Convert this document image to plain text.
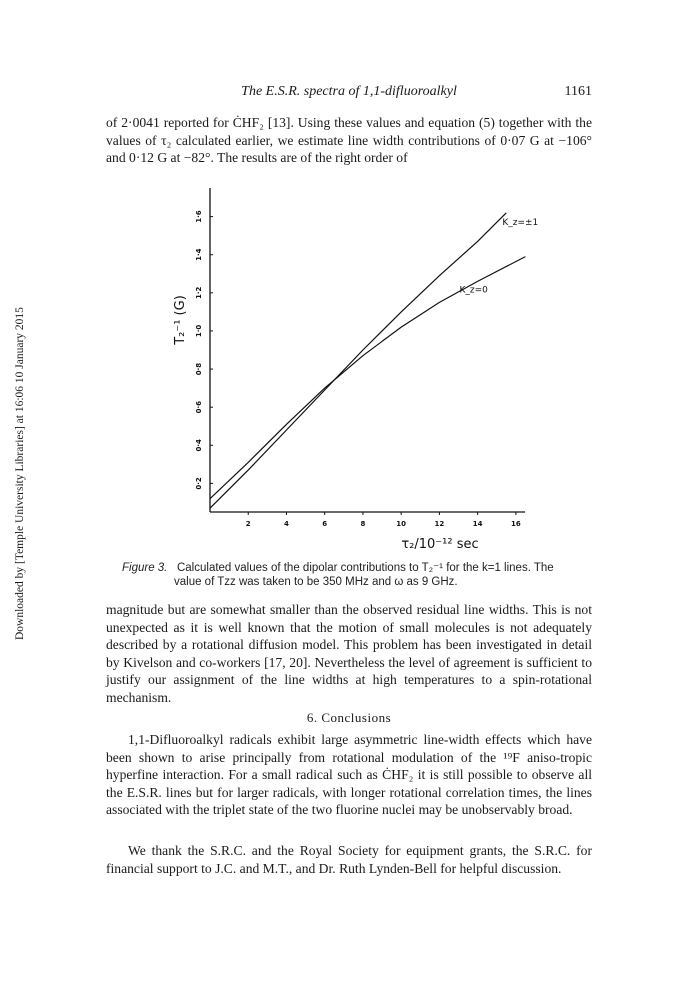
The E.S.R. spectra of 1,1-difluoroalkyl	1161
Downloaded by [Temple University Libraries] at 16:06 10 January 2015

of 2·0041 reported for ĊHF₂ [13]. Using these values and equation (5) together with the values of τ₂ calculated earlier, we estimate line width contributions of 0·07 G at −106° and 0·12 G at −82°. The results are of the right order of

2	4	6	8	10	12	14	16
0·2
0·4
0·6
0·8
1·0
1·2
1·4
1·6	K_z=±1
K_z=0
τ₂/10⁻¹² sec
T₂⁻¹ (G)
Figure 3. Calculated values of the dipolar contributions to T₂⁻¹ for the k=1 lines. The
value of Tzz was taken to be 350 MHz and ω as 9 GHz.

magnitude but are somewhat smaller than the observed residual line widths. This is not unexpected as it is well known that the motion of small molecules is not adequately described by a rotational diffusion model. This problem has been investigated in detail by Kivelson and co-workers [17, 20]. Nevertheless the level of agreement is sufficient to justify our assignment of the line widths at high temperatures to a spin-rotational mechanism.

6. Conclusions

1,1-Difluoroalkyl radicals exhibit large asymmetric line-width effects which have been shown to arise principally from rotational modulation of the ¹⁹F aniso-tropic hyperfine interaction. For a small radical such as ĊHF₂ it is still possible to observe all the E.S.R. lines but for larger radicals, with longer rotational correlation times, the lines associated with the triplet state of the two fluorine nuclei may be unobservably broad.

We thank the S.R.C. and the Royal Society for equipment grants, the S.R.C. for financial support to J.C. and M.T., and Dr. Ruth Lynden-Bell for helpful discussion.
